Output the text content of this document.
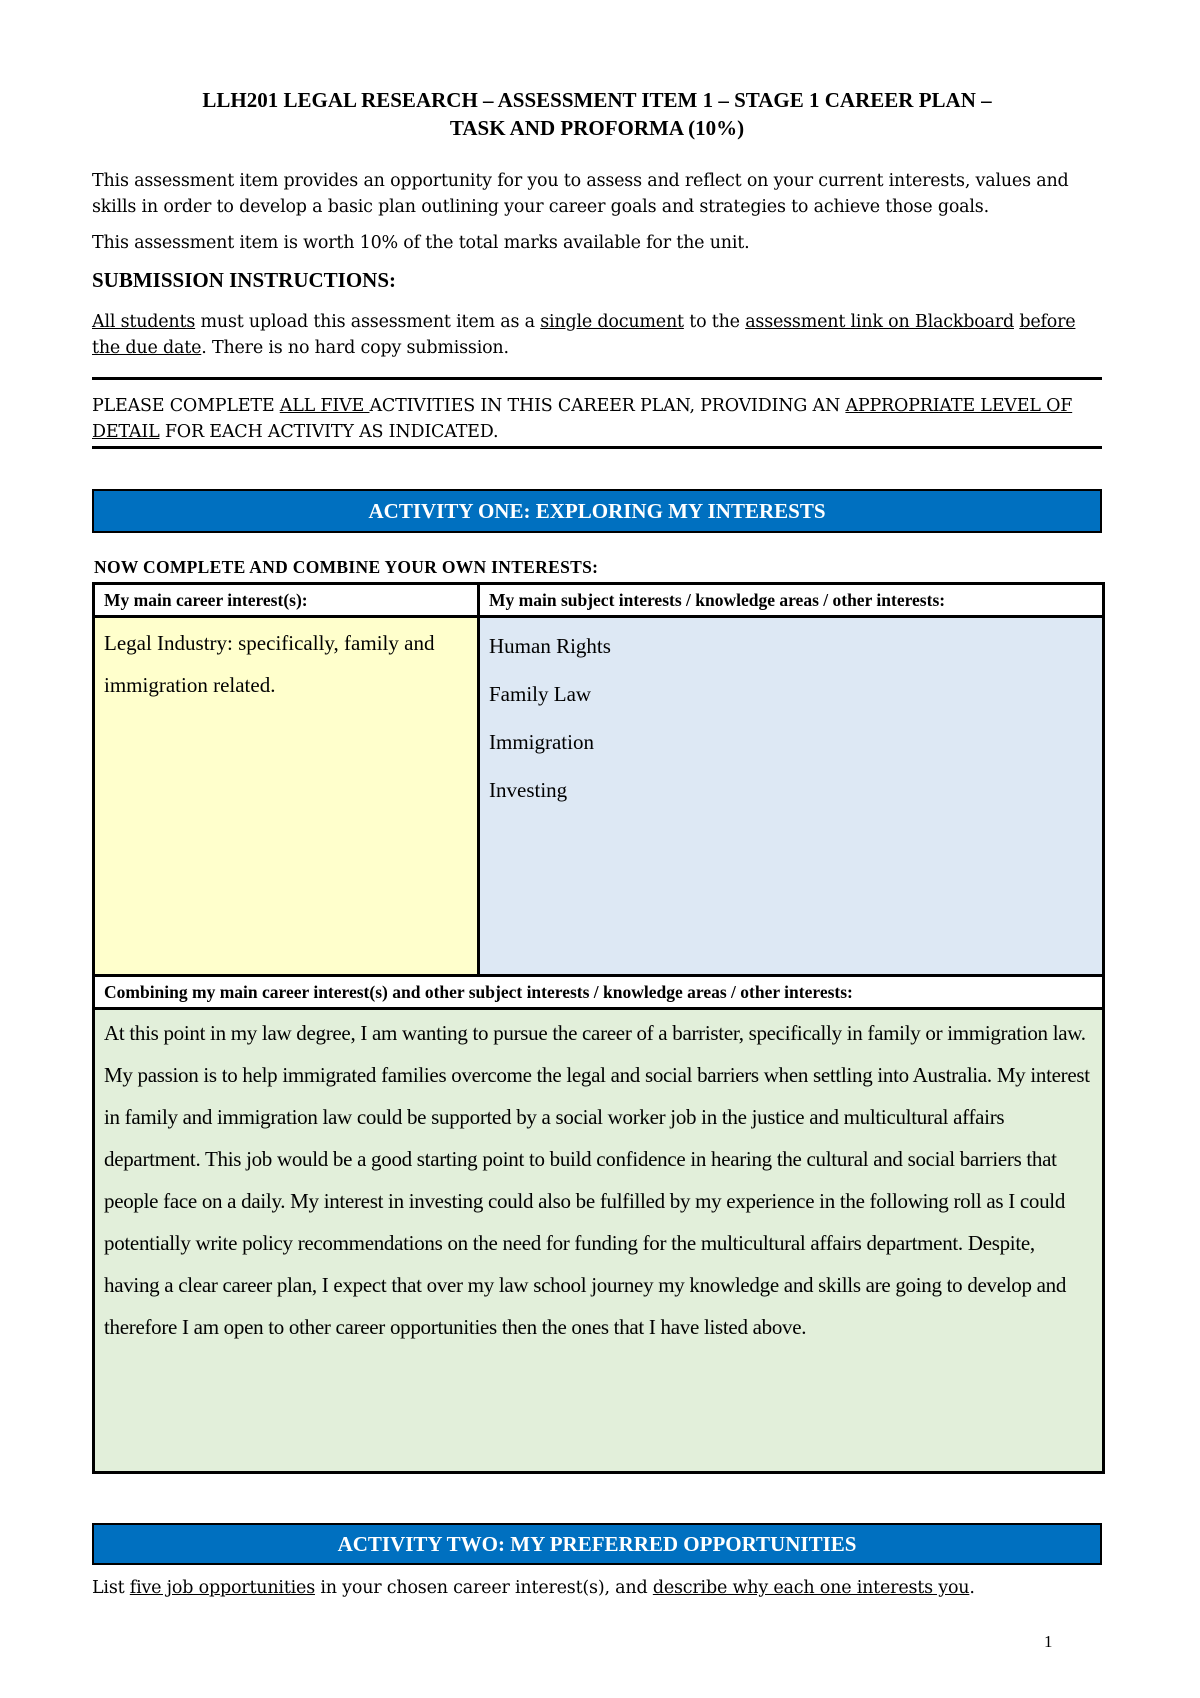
LLH201 LEGAL RESEARCH – ASSESSMENT ITEM 1 – STAGE 1 CAREER PLAN –
TASK AND PROFORMA (10%)
This assessment item provides an opportunity for you to assess and reflect on your current interests, values and skills in order to develop a basic plan outlining your career goals and strategies to achieve those goals.
This assessment item is worth 10% of the total marks available for the unit.
SUBMISSION INSTRUCTIONS:
All students must upload this assessment item as a single document to the assessment link on Blackboard before the due date. There is no hard copy submission.
PLEASE COMPLETE ALL FIVE ACTIVITIES IN THIS CAREER PLAN, PROVIDING AN APPROPRIATE LEVEL OF DETAIL FOR EACH ACTIVITY AS INDICATED.
ACTIVITY ONE: EXPLORING MY INTERESTS
NOW COMPLETE AND COMBINE YOUR OWN INTERESTS:
My main career interest(s):	My main subject interests / knowledge areas / other interests:
Legal Industry: specifically, family and immigration related.	Human Rights
Family Law
Immigration
Investing

Combining my main career interest(s) and other subject interests / knowledge areas / other interests:	
At this point in my law degree, I am wanting to pursue the career of a barrister, specifically in family or immigration law. My passion is to help immigrated families overcome the legal and social barriers when settling into Australia. My interest in family and immigration law could be supported by a social worker job in the justice and multicultural affairs department. This job would be a good starting point to build confidence in hearing the cultural and social barriers that people face on a daily. My interest in investing could also be fulfilled by my experience in the following roll as I could potentially write policy recommendations on the need for funding for the multicultural affairs department. Despite, having a clear career plan, I expect that over my law school journey my knowledge and skills are going to develop and therefore I am open to other career opportunities then the ones that I have listed above.	
ACTIVITY TWO: MY PREFERRED OPPORTUNITIES
List five job opportunities in your chosen career interest(s), and describe why each one interests you.
1
